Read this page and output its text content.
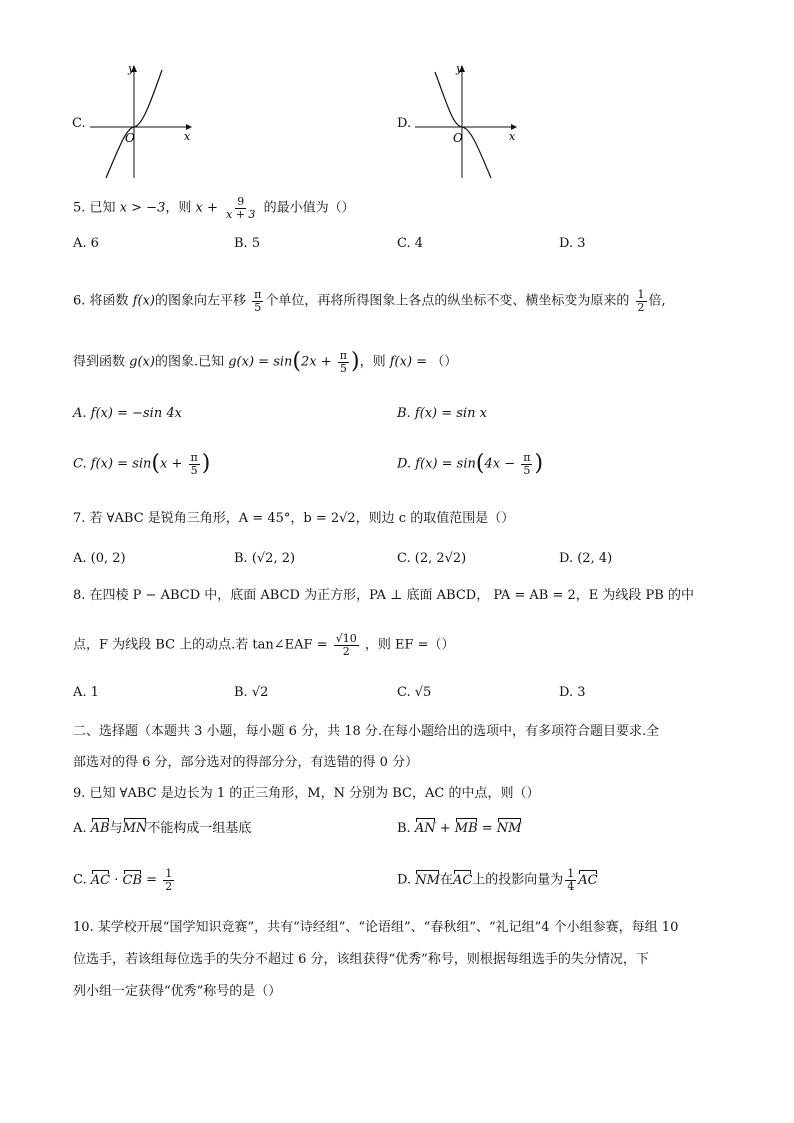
C.
y
x
O
D.
y
x
O
5. 已知 x > −3，则 $x + \frac{9}{x + 3}$ 的最小值为（）
A. 6	B. 5	C. 4	D. 3
6. 将函数 f(x)的图象向左平移 $\frac{\pi}{5}$ 个单位，再将所得图象上各点的纵坐标不变、横坐标变为原来的 $\frac{1}{2}$ 倍,
得到函数 g(x)的图象.已知 $g(x) = \sin(2x + \frac{\pi}{5}$ )，则 f(x) = （）
A. f(x) = −sin 4x	B. f(x) = sin x
C. $f(x) = \sin(x + \frac{\pi}{5}$ )	D. $f(x) = \sin(4x - \frac{\pi}{5}$ )
7. 若 ∀ABC 是锐角三角形，A = 45°，b = 2√2，则边 c 的取值范围是（）
A. (0, 2)	B. (√2, 2)	C. (2, 2√2)	D. (2, 4)
8. 在四棱 P − ABCD 中，底面 ABCD 为正方形，PA ⊥ 底面 ABCD， PA = AB = 2，E 为线段 PB 的中
点，F 为线段 BC 上的动点.若 tan∠EAF = $\frac{√10}{2}$ ，则 EF =（）
A. 1	B. √2	C. √5	D. 3
二、选择题（本题共 3 小题，每小题 6 分，共 18 分.在每小题给出的选项中，有多项符合题目要求.全
部选对的得 6 分，部分选对的得部分分，有选错的得 0 分）
9. 已知 ∀ABC 是边长为 1 的正三角形，M，N 分别为 BC，AC 的中点，则（）
A. AB与MN不能构成一组基底	B. AN + MB = NM
C. AC · CB = $\frac{1}{2}$	D. NM在AC上的投影向量为 $\frac{1}{4}$ AC
10. 某学校开展“国学知识竞赛”，共有“诗经组”、“论语组”、“春秋组”、“礼记组”4 个小组参赛，每组 10
位选手，若该组每位选手的失分不超过 6 分，该组获得“优秀”称号，则根据每组选手的失分情况，下
列小组一定获得“优秀”称号的是（）
